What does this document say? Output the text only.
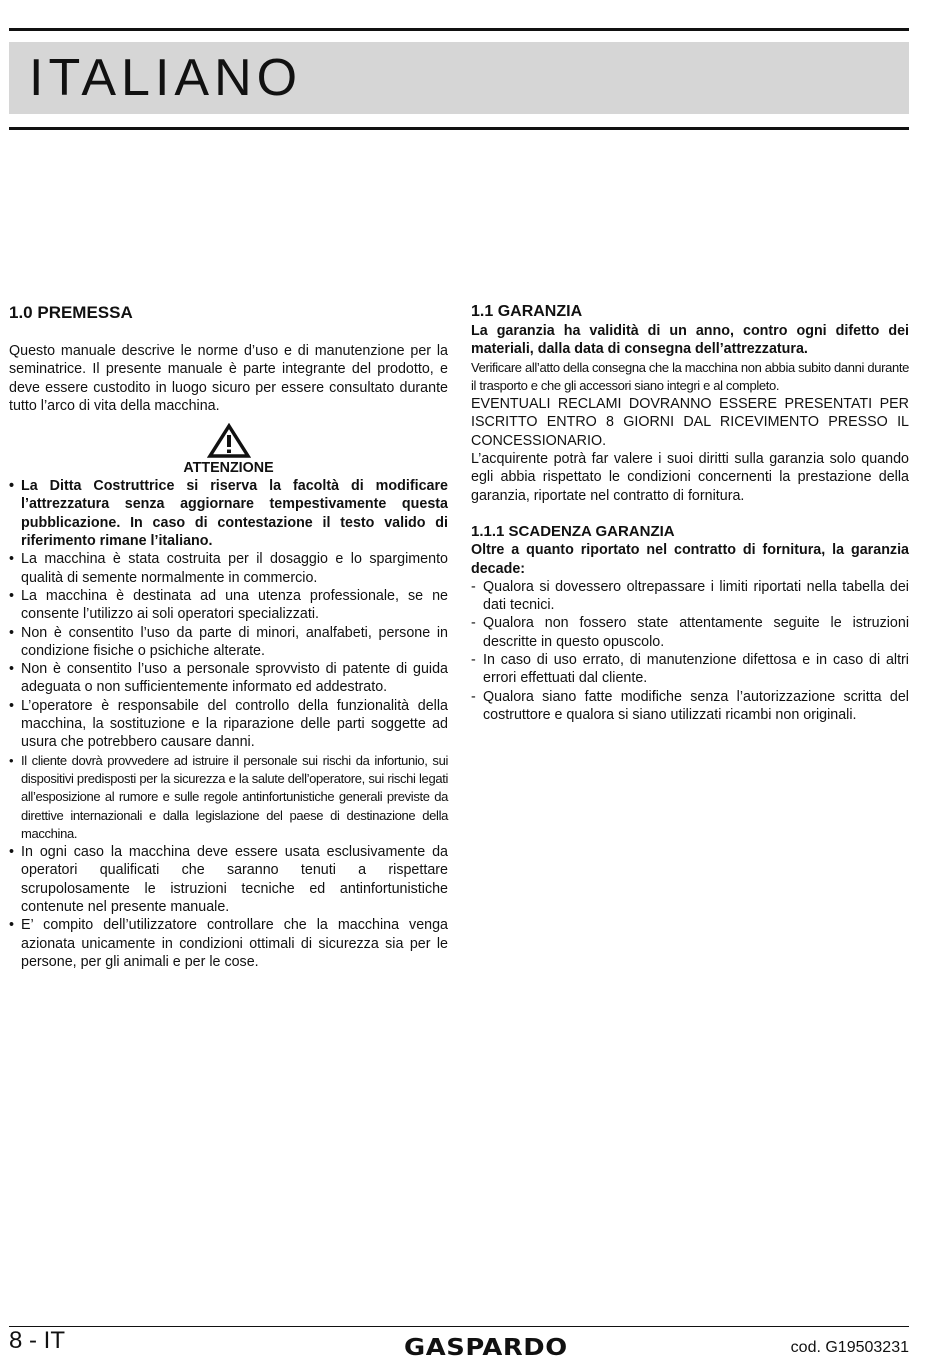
ITALIANO
1.0 PREMESSA

Questo manuale descrive le norme d’uso e di manutenzione per la seminatrice. Il presente manuale è parte integrante del prodotto, e deve essere custodito in luogo sicuro per essere consultato durante tutto l’arco di vita della macchina.

ATTENZIONE
• La Ditta Costruttrice si riserva la facoltà di modificare l’attrezzatura senza aggiornare tempestivamente questa pubblicazione. In caso di contestazione il testo valido di riferimento rimane l’italiano.
• La macchina è stata costruita per il dosaggio e lo spargimento qualità di semente normalmente in commercio.
• La macchina è destinata ad una utenza professionale, se ne consente l’utilizzo ai soli operatori specializzati.
• Non è consentito l’uso da parte di minori, analfabeti, persone in condizione fisiche o psichiche alterate.
• Non è consentito l’uso a personale sprovvisto di patente di guida adeguata o non sufficientemente informato ed addestrato.
• L’operatore è responsabile del controllo della funzionalità della macchina, la sostituzione e la riparazione delle parti soggette ad usura che potrebbero causare danni.
• Il cliente dovrà provvedere ad istruire il personale sui rischi da infortunio, sui dispositivi predisposti per la sicurezza e la salute dell’operatore, sui rischi legati all’esposizione al rumore e sulle regole antinfortunistiche generali previste da direttive internazionali e dalla legislazione del paese di destinazione della macchina.
• In ogni caso la macchina deve essere usata esclusivamente da operatori qualificati che saranno tenuti a rispettare scrupolosamente le istruzioni tecniche ed antinfortunistiche contenute nel presente manuale.
• E’ compito dell’utilizzatore controllare che la macchina venga azionata unicamente in condizioni ottimali di sicurezza sia per le persone, per gli animali e per le cose.
1.1 GARANZIA

La garanzia ha validità di un anno, contro ogni difetto dei materiali, dalla data di consegna dell’attrezzatura.

Verificare all’atto della consegna che la macchina non abbia subito danni durante il trasporto e che gli accessori siano integri e al completo.

EVENTUALI RECLAMI DOVRANNO ESSERE PRESENTATI PER ISCRITTO ENTRO 8 GIORNI DAL RICEVIMENTO PRESSO IL CONCESSIONARIO.

L’acquirente potrà far valere i suoi diritti sulla garanzia solo quando egli abbia rispettato le condizioni concernenti la prestazione della garanzia, riportate nel contratto di fornitura.

1.1.1 SCADENZA GARANZIA

Oltre a quanto riportato nel contratto di fornitura, la garanzia decade:

- Qualora si dovessero oltrepassare i limiti riportati nella tabella dei dati tecnici.
- Qualora non fossero state attentamente seguite le istruzioni descritte in questo opuscolo.
- In caso di uso errato, di manutenzione difettosa e in caso di altri errori effettuati dal cliente.
- Qualora siano fatte modifiche senza l’autorizzazione scritta del costruttore e qualora si siano utilizzati ricambi non originali.
8 - IT	GASPARDO	cod. G19503231
